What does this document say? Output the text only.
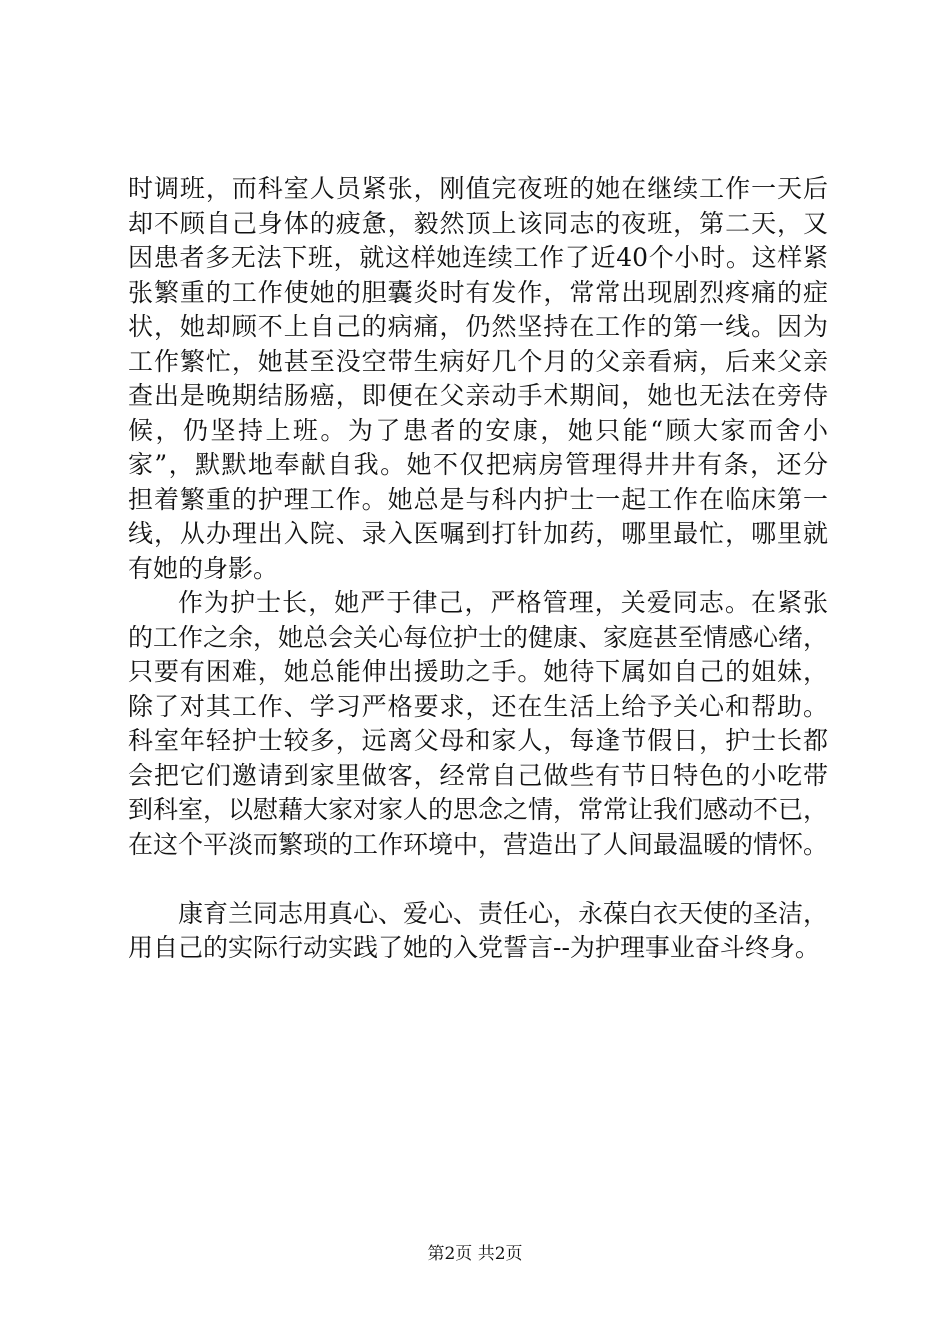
时调班，而科室人员紧张，刚值完夜班的她在继续工作一天后
却不顾自己身体的疲惫，毅然顶上该同志的夜班，第二天，又
因患者多无法下班，就这样她连续工作了近40个小时。这样紧
张繁重的工作使她的胆囊炎时有发作，常常出现剧烈疼痛的症
状，她却顾不上自己的病痛，仍然坚持在工作的第一线。因为
工作繁忙，她甚至没空带生病好几个月的父亲看病，后来父亲
查出是晚期结肠癌，即便在父亲动手术期间，她也无法在旁侍
候，仍坚持上班。为了患者的安康，她只能“顾大家而舍小
家”，默默地奉献自我。她不仅把病房管理得井井有条，还分
担着繁重的护理工作。她总是与科内护士一起工作在临床第一
线，从办理出入院、录入医嘱到打针加药，哪里最忙，哪里就
有她的身影。
作为护士长，她严于律己，严格管理，关爱同志。在紧张
的工作之余，她总会关心每位护士的健康、家庭甚至情感心绪，
只要有困难，她总能伸出援助之手。她待下属如自己的姐妹，
除了对其工作、学习严格要求，还在生活上给予关心和帮助。
科室年轻护士较多，远离父母和家人，每逢节假日，护士长都
会把它们邀请到家里做客，经常自己做些有节日特色的小吃带
到科室，以慰藉大家对家人的思念之情，常常让我们感动不已，
在这个平淡而繁琐的工作环境中，营造出了人间最温暖的情怀。
康育兰同志用真心、爱心、责任心，永葆白衣天使的圣洁，
用自己的实际行动实践了她的入党誓言--为护理事业奋斗终身。
第2页 共2页
